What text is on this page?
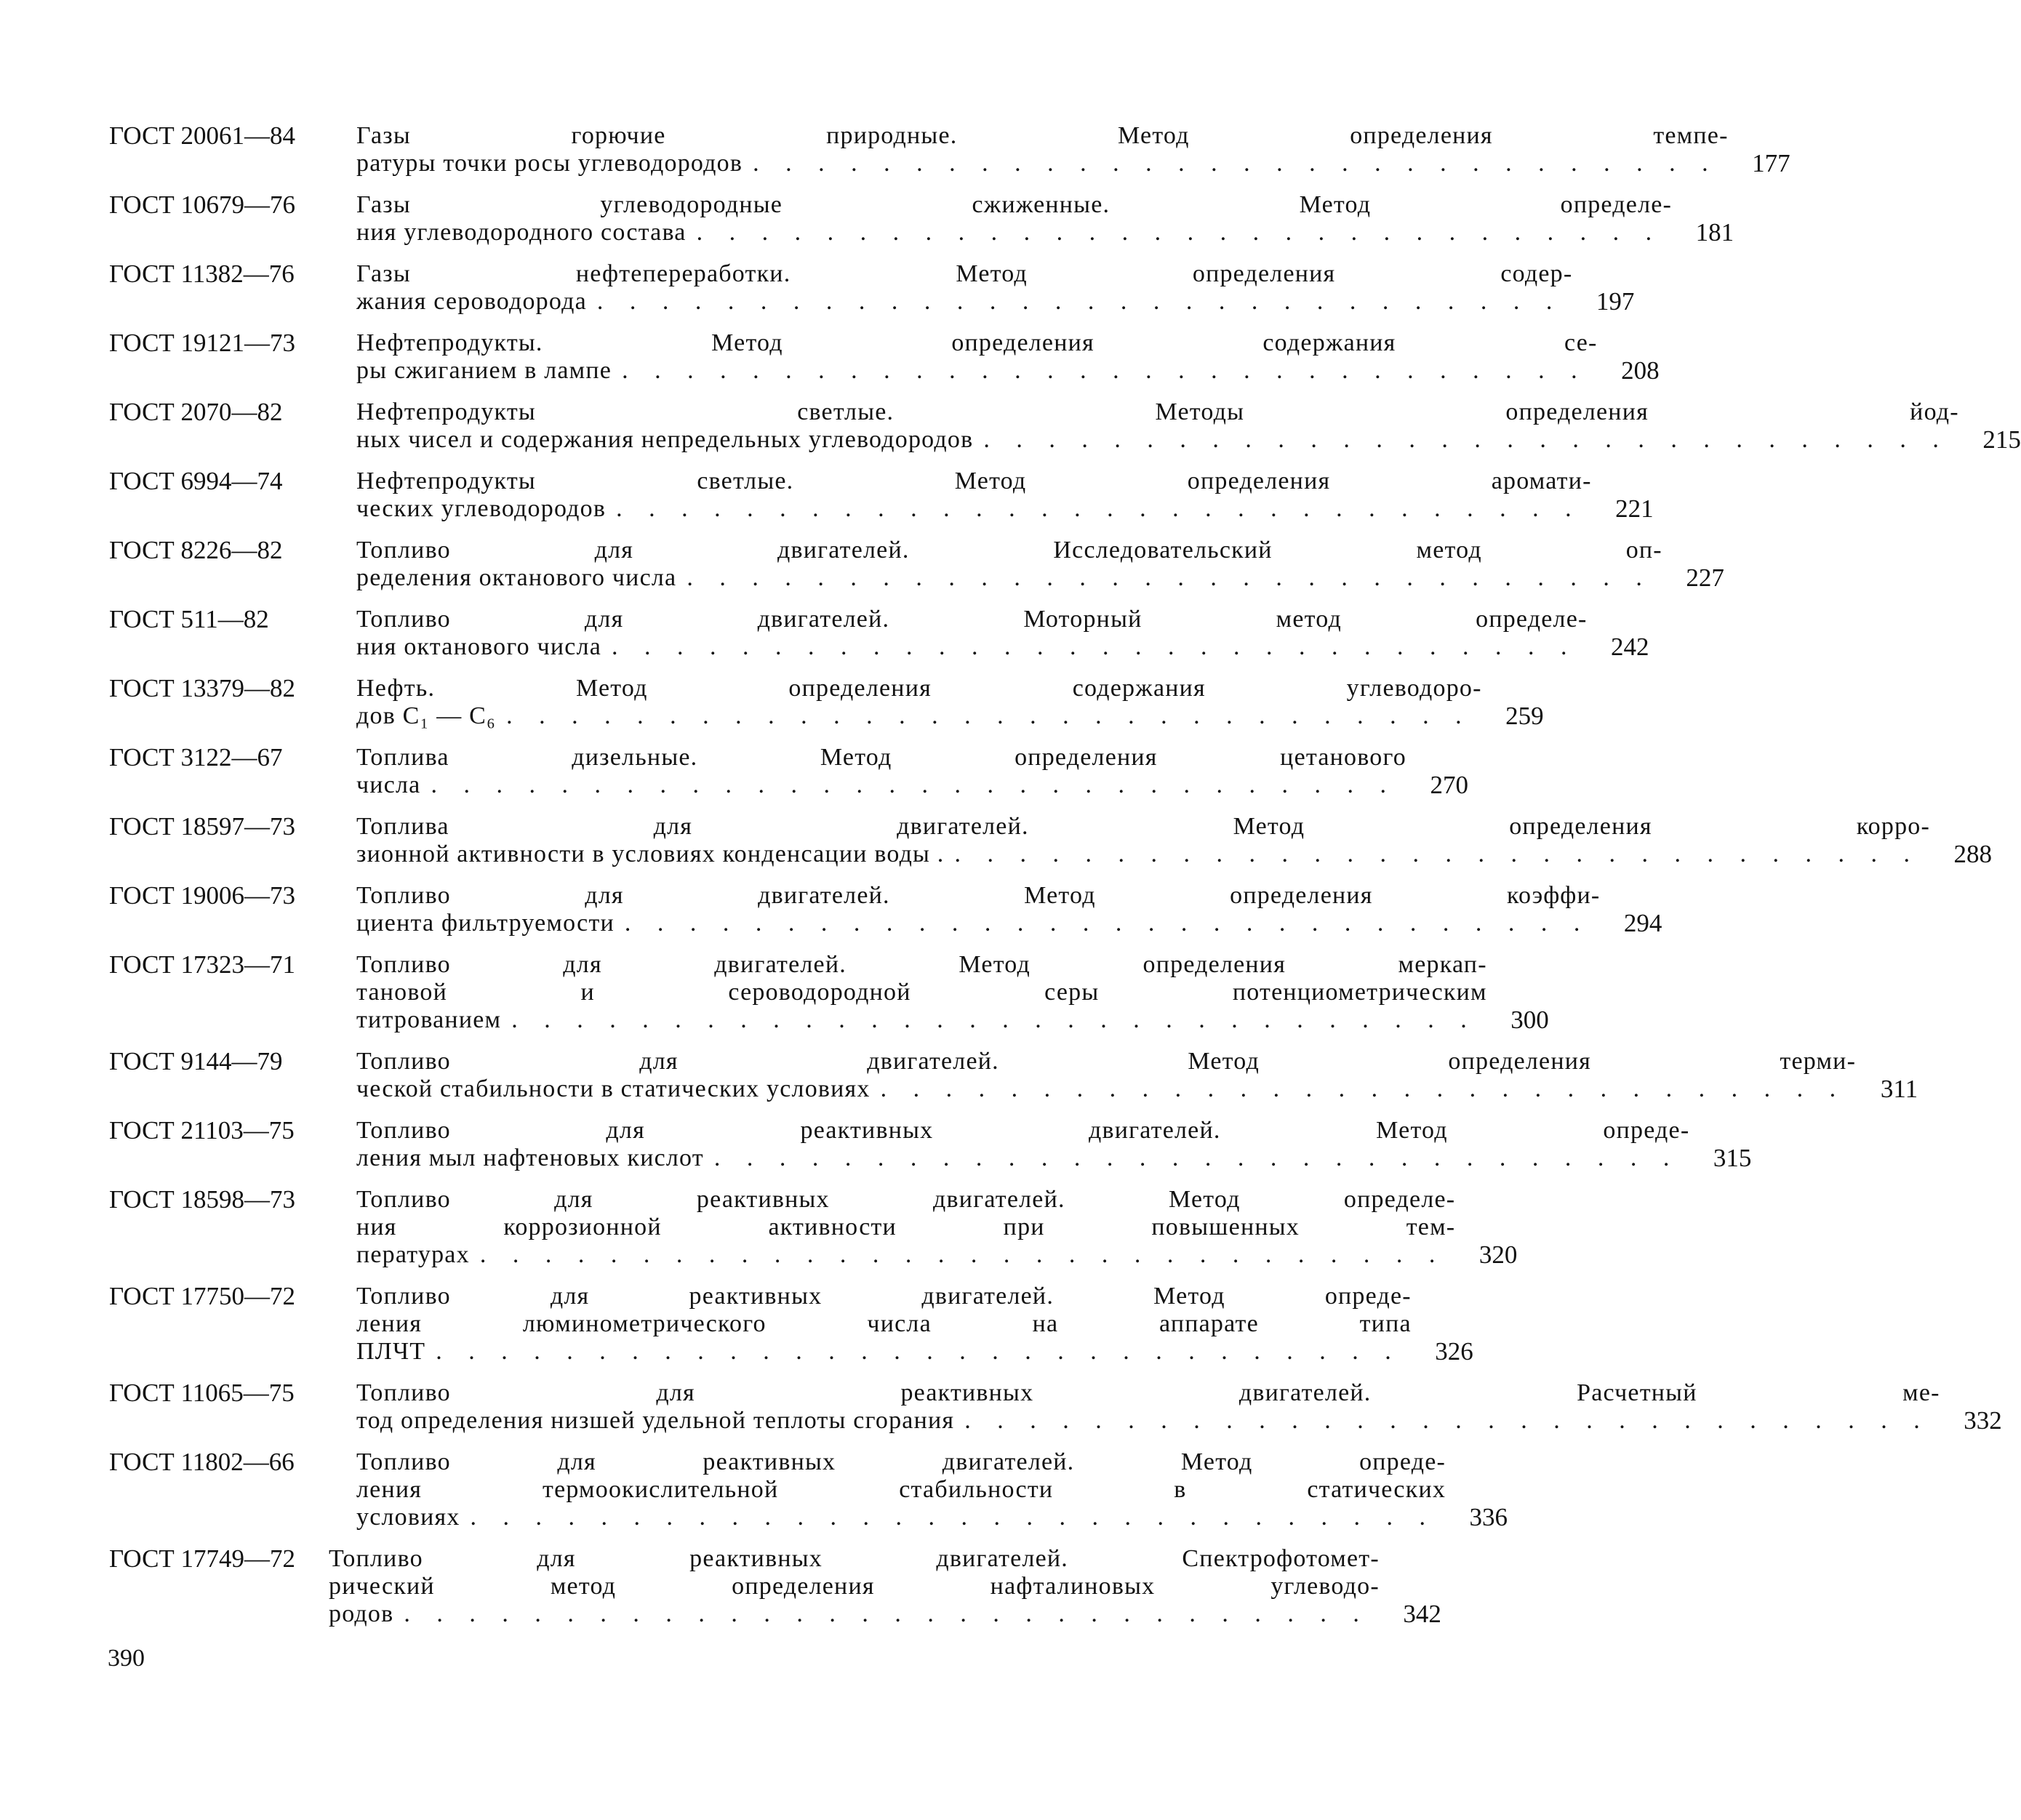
ГОСТ 20061—84	Газы горючие природные. Метод определения темпе-
ратуры точки росы углеводородов . . . . . . . . . . . . . . . . . . . . . . . . . . . . . .	177
ГОСТ 10679—76	Газы углеводородные сжиженные. Метод определе-
ния углеводородного состава . . . . . . . . . . . . . . . . . . . . . . . . . . . . . .	181
ГОСТ 11382—76	Газы нефтепереработки. Метод определения содер-
жания сероводорода . . . . . . . . . . . . . . . . . . . . . . . . . . . . . .	197
ГОСТ 19121—73	Нефтепродукты. Метод определения содержания се-
ры сжиганием в лампе . . . . . . . . . . . . . . . . . . . . . . . . . . . . . .	208
ГОСТ 2070—82	Нефтепродукты светлые. Методы определения йод-
ных чисел и содержания непредельных углеводородов . . . . . . . . . . . . . . . . . . . . . . . . . . . . . .	215
ГОСТ 6994—74	Нефтепродукты светлые. Метод определения аромати-
ческих углеводородов . . . . . . . . . . . . . . . . . . . . . . . . . . . . . .	221
ГОСТ 8226—82	Топливо для двигателей. Исследовательский метод оп-
ределения октанового числа . . . . . . . . . . . . . . . . . . . . . . . . . . . . . .	227
ГОСТ 511—82	Топливо для двигателей. Моторный метод определе-
ния октанового числа . . . . . . . . . . . . . . . . . . . . . . . . . . . . . .	242
ГОСТ 13379—82	Нефть. Метод определения содержания углеводоро-
дов C₁ — C₆ . . . . . . . . . . . . . . . . . . . . . . . . . . . . . .	259
ГОСТ 3122—67	Топлива дизельные. Метод определения цетанового
числа . . . . . . . . . . . . . . . . . . . . . . . . . . . . . .	270
ГОСТ 18597—73	Топлива для двигателей. Метод определения корро-
зионной активности в условиях конденсации воды . . . . . . . . . . . . . . . . . . . . . . . . . . . . . . .	288
ГОСТ 19006—73	Топливо для двигателей. Метод определения коэффи-
циента фильтруемости . . . . . . . . . . . . . . . . . . . . . . . . . . . . . .	294
ГОСТ 17323—71	Топливо для двигателей. Метод определения меркап-
тановой и сероводородной серы потенциометрическим
титрованием . . . . . . . . . . . . . . . . . . . . . . . . . . . . . .	300
ГОСТ 9144—79	Топливо для двигателей. Метод определения терми-
ческой стабильности в статических условиях . . . . . . . . . . . . . . . . . . . . . . . . . . . . . .	311
ГОСТ 21103—75	Топливо для реактивных двигателей. Метод опреде-
ления мыл нафтеновых кислот . . . . . . . . . . . . . . . . . . . . . . . . . . . . . .	315
ГОСТ 18598—73	Топливо для реактивных двигателей. Метод определе-
ния коррозионной активности при повышенных тем-
пературах . . . . . . . . . . . . . . . . . . . . . . . . . . . . . .	320
ГОСТ 17750—72	Топливо для реактивных двигателей. Метод опреде-
ления люминометрического числа на аппарате типа
ПЛЧТ . . . . . . . . . . . . . . . . . . . . . . . . . . . . . .	326
ГОСТ 11065—75	Топливо для реактивных двигателей. Расчетный ме-
тод определения низшей удельной теплоты сгорания . . . . . . . . . . . . . . . . . . . . . . . . . . . . . .	332
ГОСТ 11802—66	Топливо для реактивных двигателей. Метод опреде-
ления термоокислительной стабильности в статических
условиях . . . . . . . . . . . . . . . . . . . . . . . . . . . . . .	336
ГОСТ 17749—72	Топливо для реактивных двигателей. Спектрофотомет-
рический метод определения нафталиновых углеводо-
родов . . . . . . . . . . . . . . . . . . . . . . . . . . . . . .	342
390
